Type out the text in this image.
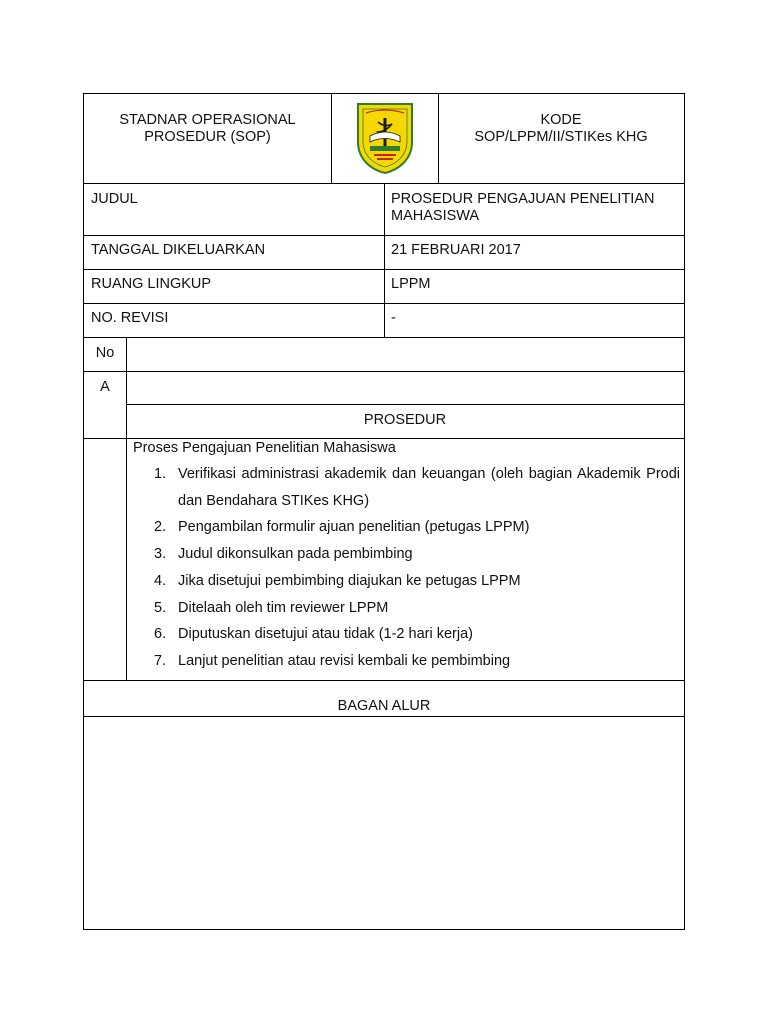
STADNAR OPERASIONAL
PROSEDUR (SOP)
KODE
SOP/LPPM/II/STIKes KHG
JUDUL	PROSEDUR PENGAJUAN PENELITIAN
MAHASISWA
TANGGAL DIKELUARKAN	21 FEBRUARI 2017
RUANG LINGKUP	LPPM
NO. REVISI	-
No
A
PROSEDUR
Proses Pengajuan Penelitian Mahasiswa
1. Verifikasi administrasi akademik dan keuangan (oleh bagian Akademik Prodi dan Bendahara STIKes KHG)
2. Pengambilan formulir ajuan penelitian (petugas LPPM)
3. Judul dikonsulkan pada pembimbing
4. Jika disetujui pembimbing diajukan ke petugas LPPM
5. Ditelaah oleh tim reviewer LPPM
6. Diputuskan disetujui atau tidak (1-2 hari kerja)
7. Lanjut penelitian atau revisi kembali ke pembimbing
BAGAN ALUR
